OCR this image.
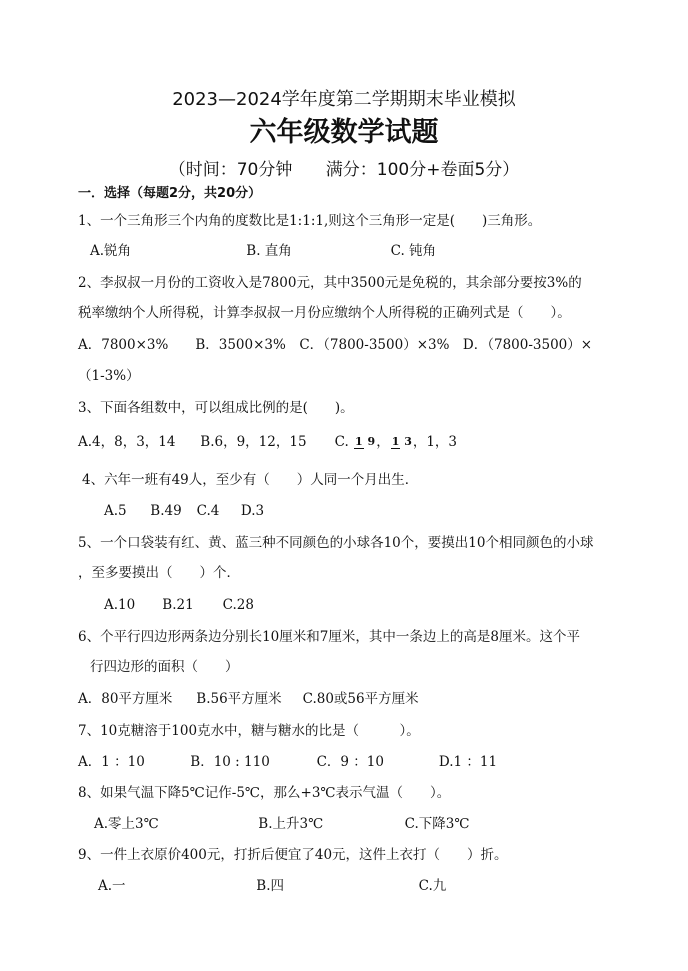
2023—2024学年度第二学期期末毕业模拟
六年级数学试题
（时间：70分钟 满分：100分+卷面5分）
一．选择（每题2分，共20分）
1、一个三角形三个内角的度数比是1:1:1,则这个三角形一定是(　　)三角形。
A.锐角	B. 直角	C. 钝角
2、李叔叔一月份的工资收入是7800元，其中3500元是免税的，其余部分要按3%的
税率缴纳个人所得税，计算李叔叔一月份应缴纳个人所得税的正确列式是（　　）。
A．7800×3%　　B．3500×3%　C．（7800-3500）×3%　D．（7800-3500）×
（1-3%）
3、下面各组数中，可以组成比例的是(　　)。
A.4，8，3，14 B.6，9，12，15 C. 1 9， 1 3，1，3
4、六年一班有49人，至少有（　　）人同一个月出生．
A.5 B.49 C.4 D.3
5、一个口袋装有红、黄、蓝三种不同颜色的小球各10个，要摸出10个相同颜色的小球
，至多要摸出（　　）个．
A.10 B.21 C.28
6、个平行四边形两条边分别长10厘米和7厘米，其中一条边上的高是8厘米。这个平
行四边形的面积（　　）
A．80平方厘米 B.56平方厘米 C.80或56平方厘米
7、10克糖溶于100克水中，糖与糖水的比是（　　　）。
A．1 ：10	B．10 : 110	C．9 ：10	D.1 ：11
8、如果气温下降5℃记作-5℃，那么+3℃表示气温（　　）。
A.零上3℃	B.上升3℃	C.下降3℃
9、一件上衣原价400元，打折后便宜了40元，这件上衣打（　　）折。
A.一	B.四	C.九
